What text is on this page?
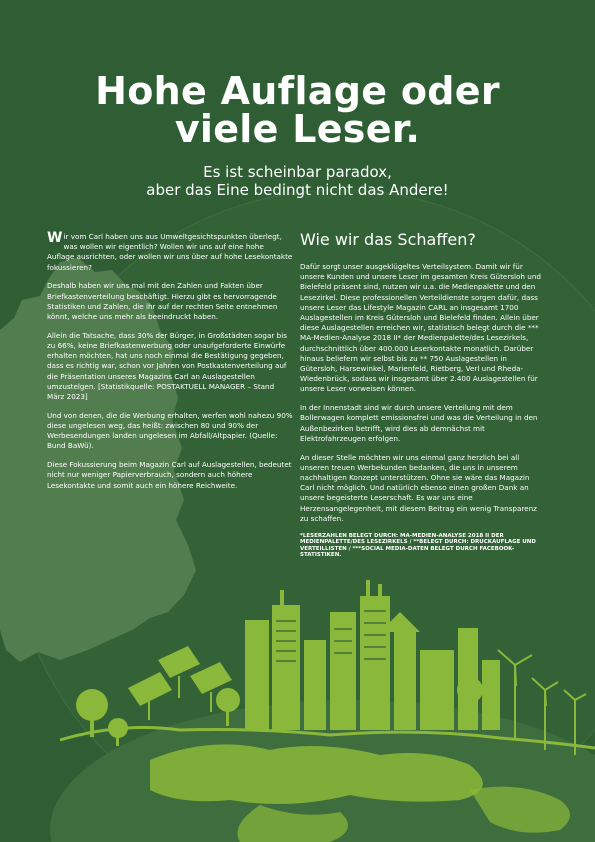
Hohe Auflage oder viele Leser.
Es ist scheinbar paradox,
aber das Eine bedingt nicht das Andere!

Wir vom Carl haben uns aus Umweltgesichtspunkten überlegt, was wollen wir eigentlich? Wollen wir uns auf eine hohe Auflage ausrichten, oder wollen wir uns über auf hohe Lesekontakte fokussieren?

Deshalb haben wir uns mal mit den Zahlen und Fakten über Briefkastenverteilung beschäftigt. Hierzu gibt es hervorragende Statistiken und Zahlen, die ihr auf der rechten Seite entnehmen könnt, welche uns mehr als beeindruckt haben.

Allein die Tatsache, dass 30% der Bürger, in Großstädten sogar bis zu 66%, keine Briefkastenwerbung oder unaufgeforderte Einwürfe erhalten möchten, hat uns noch einmal die Bestätigung gegeben, dass es richtig war, schon vor Jahren von Postkastenverteilung auf die Präsentation unseres Magazins Carl an Auslagestellen umzustelgen. [Statistikquelle: POSTAKTUELL MANAGER – Stand März 2023]

Und von denen, die die Werbung erhalten, werfen wohl nahezu 90% diese ungelesen weg, das heißt: zwischen 80 und 90% der Werbesendungen landen ungelesen im Abfall/Altpapier. (Quelle: Bund BaWü).

Diese Fokussierung beim Magazin Carl auf Auslagestellen, bedeutet nicht nur weniger Papierverbrauch, sondern auch höhere Lesekontakte und somit auch ein höhere Reichweite.

Wie wir das Schaffen?

Dafür sorgt unser ausgeklügeltes Verteilsystem. Damit wir für unsere Kunden und unsere Leser im gesamten Kreis Gütersloh und Bielefeld präsent sind, nutzen wir u.a. die Medienpalette und den Lesezirkel. Diese professionellen Verteildienste sorgen dafür, dass unsere Leser das Lifestyle Magazin CARL an insgesamt 1700 Auslagestellen im Kreis Gütersloh und Bielefeld finden. Allein über diese Auslagestellen erreichen wir, statistisch belegt durch die *** MA-Medien-Analyse 2018 II* der Medienpalette/des Lesezirkels, durchschnittlich über 400.000 Leserkontakte monatlich. Darüber hinaus beliefern wir selbst bis zu ** 750 Auslagestellen in Gütersloh, Harsewinkel, Marienfeld, Rietberg, Verl und Rheda- Wiedenbrück, sodass wir insgesamt über 2.400 Auslagestellen für unsere Leser vorweisen können.

In der Innenstadt sind wir durch unsere Verteilung mit dem Bollerwagen komplett emissionsfrei und was die Verteilung in den Außenbezirken betrifft, wird dies ab demnächst mit Elektrofahrzeugen erfolgen.

An dieser Stelle möchten wir uns einmal ganz herzlich bei all unseren treuen Werbekunden bedanken, die uns in unserem nachhaltigen Konzept unterstützen. Ohne sie wäre das Magazin Carl nicht möglich. Und natürlich ebenso einen großen Dank an unsere begeisterte Leserschaft. Es war uns eine Herzensangelegenheit, mit diesem Beitrag ein wenig Transparenz zu schaffen.

*LESERZAHLEN BELEGT DURCH: MA-MEDIEN-ANALYSE 2018 II DER MEDIENPALETTE/DES LESEZIRKELS / **BELEGT DURCH: DRUCKAUFLAGE UND VERTEILLISTEN / ***SOCIAL MEDIA-DATEN BELEGT DURCH FACEBOOK-STATISTIKEN.
